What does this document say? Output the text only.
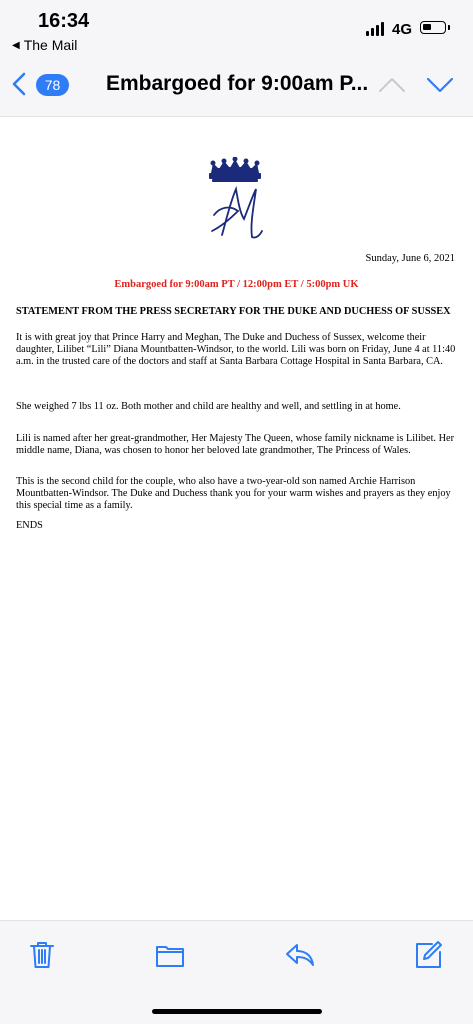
16:34
◀ The Mail
4G
78	Embargoed for 9:00am P...
Sunday, June 6, 2021
Embargoed for 9:00am PT / 12:00pm ET / 5:00pm UK
STATEMENT FROM THE PRESS SECRETARY FOR THE DUKE AND DUCHESS OF SUSSEX
It is with great joy that Prince Harry and Meghan, The Duke and Duchess of Sussex, welcome their daughter, Lilibet “Lili” Diana Mountbatten-Windsor, to the world. Lili was born on Friday, June 4 at 11:40 a.m. in the trusted care of the doctors and staff at Santa Barbara Cottage Hospital in Santa Barbara, CA.
She weighed 7 lbs 11 oz. Both mother and child are healthy and well, and settling in at home.
Lili is named after her great-grandmother, Her Majesty The Queen, whose family nickname is Lilibet. Her middle name, Diana, was chosen to honor her beloved late grandmother, The Princess of Wales.
This is the second child for the couple, who also have a two-year-old son named Archie Harrison Mountbatten-Windsor. The Duke and Duchess thank you for your warm wishes and prayers as they enjoy this special time as a family.
ENDS
